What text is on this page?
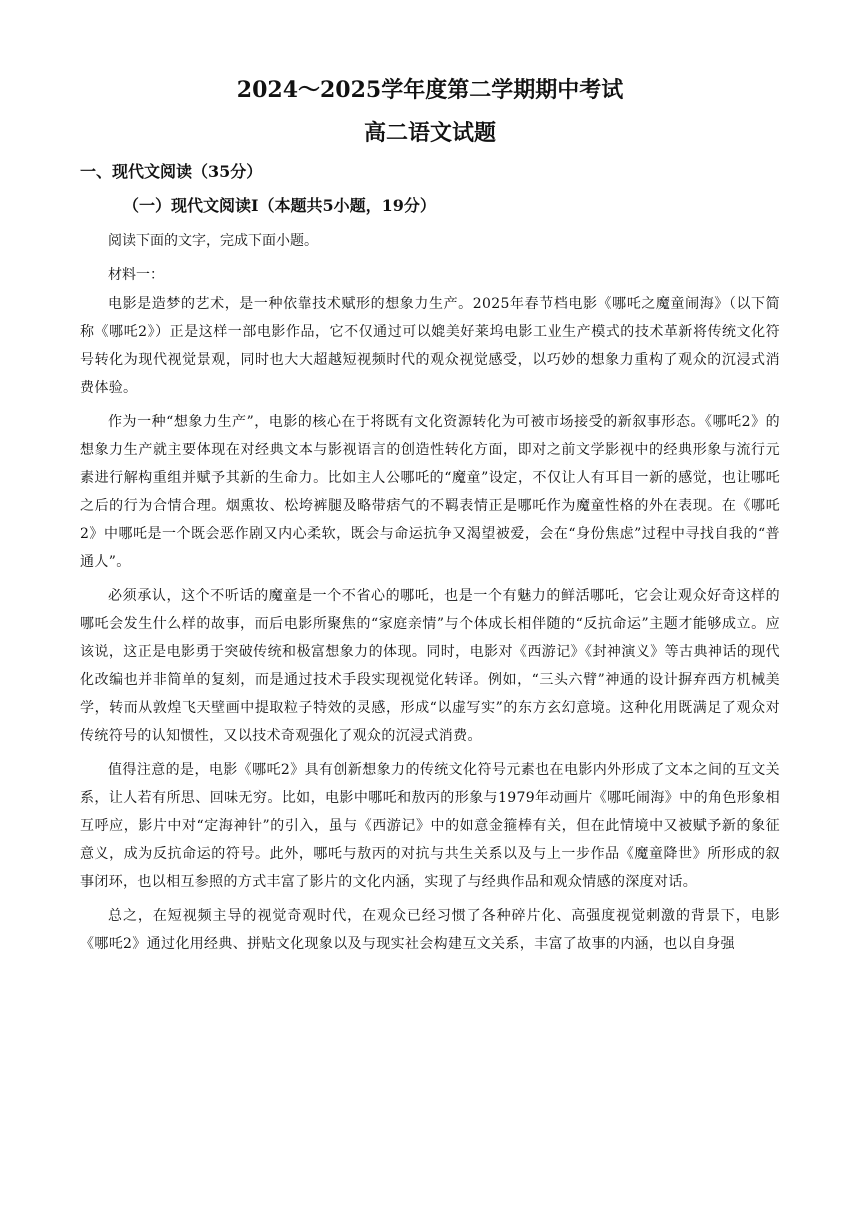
2024～2025学年度第二学期期中考试
高二语文试题
一、现代文阅读（35分）
（一）现代文阅读Ⅰ（本题共5小题，19分）
阅读下面的文字，完成下面小题。
材料一：

电影是造梦的艺术，是一种依靠技术赋形的想象力生产。2025年春节档电影《哪吒之魔童闹海》（以下简称《哪吒2》）正是这样一部电影作品，它不仅通过可以媲美好莱坞电影工业生产模式的技术革新将传统文化符号转化为现代视觉景观，同时也大大超越短视频时代的观众视觉感受，以巧妙的想象力重构了观众的沉浸式消费体验。

作为一种“想象力生产”，电影的核心在于将既有文化资源转化为可被市场接受的新叙事形态。《哪吒2》的想象力生产就主要体现在对经典文本与影视语言的创造性转化方面，即对之前文学影视中的经典形象与流行元素进行解构重组并赋予其新的生命力。比如主人公哪吒的“魔童”设定，不仅让人有耳目一新的感觉，也让哪吒之后的行为合情合理。烟熏妆、松垮裤腿及略带痞气的不羁表情正是哪吒作为魔童性格的外在表现。在《哪吒2》中哪吒是一个既会恶作剧又内心柔软，既会与命运抗争又渴望被爱，会在“身份焦虑”过程中寻找自我的“普通人”。

必须承认，这个不听话的魔童是一个不省心的哪吒，也是一个有魅力的鲜活哪吒，它会让观众好奇这样的哪吒会发生什么样的故事，而后电影所聚焦的“家庭亲情”与个体成长相伴随的“反抗命运”主题才能够成立。应该说，这正是电影勇于突破传统和极富想象力的体现。同时，电影对《西游记》《封神演义》等古典神话的现代化改编也并非简单的复刻，而是通过技术手段实现视觉化转译。例如，“三头六臂”神通的设计摒弃西方机械美学，转而从敦煌飞天壁画中提取粒子特效的灵感，形成“以虚写实”的东方玄幻意境。这种化用既满足了观众对传统符号的认知惯性，又以技术奇观强化了观众的沉浸式消费。

值得注意的是，电影《哪吒2》具有创新想象力的传统文化符号元素也在电影内外形成了文本之间的互文关系，让人若有所思、回味无穷。比如，电影中哪吒和敖丙的形象与1979年动画片《哪吒闹海》中的角色形象相互呼应，影片中对“定海神针”的引入，虽与《西游记》中的如意金箍棒有关，但在此情境中又被赋予新的象征意义，成为反抗命运的符号。此外，哪吒与敖丙的对抗与共生关系以及与上一步作品《魔童降世》所形成的叙事闭环，也以相互参照的方式丰富了影片的文化内涵，实现了与经典作品和观众情感的深度对话。

总之，在短视频主导的视觉奇观时代，在观众已经习惯了各种碎片化、高强度视觉刺激的背景下，电影《哪吒2》通过化用经典、拼贴文化现象以及与现实社会构建互文关系，丰富了故事的内涵，也以自身强
